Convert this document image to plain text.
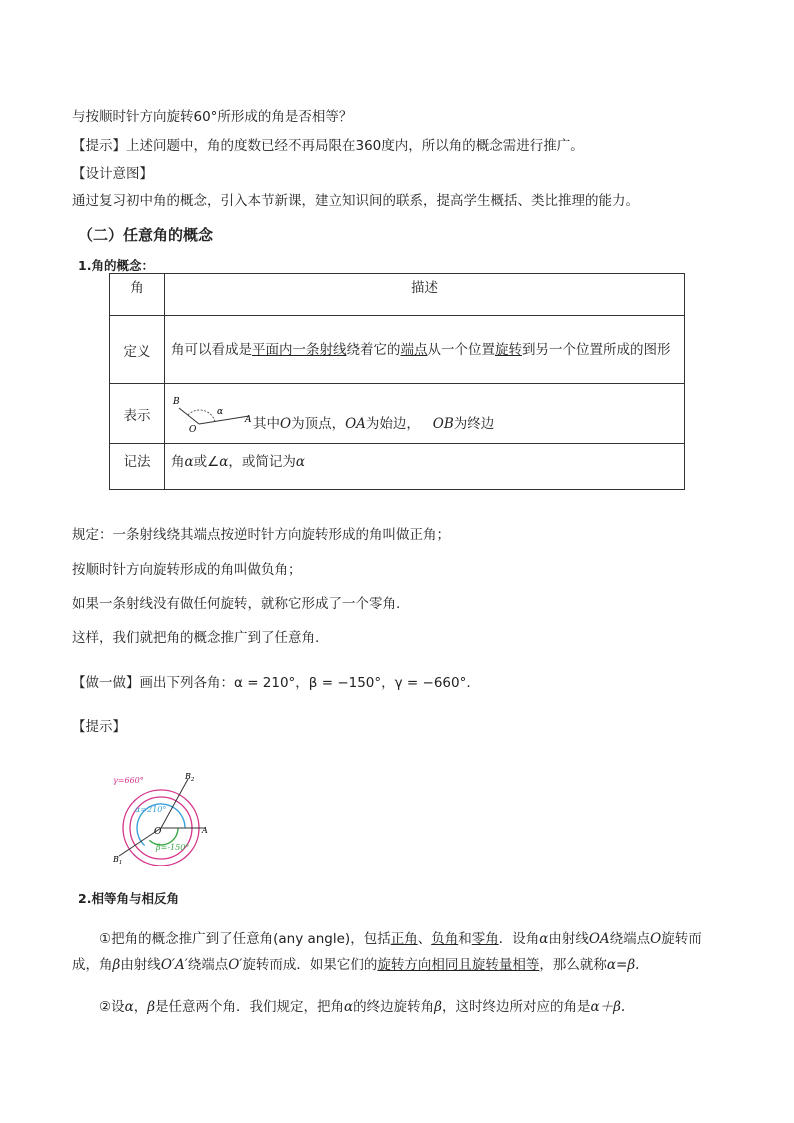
与按顺时针方向旋转60°所形成的角是否相等？
【提示】上述问题中，角的度数已经不再局限在360度内，所以角的概念需进行推广。
【设计意图】
通过复习初中角的概念，引入本节新课，建立知识间的联系，提高学生概括、类比推理的能力。
（二）任意角的概念
1.角的概念：
角	描述
定义	角可以看成是平面内一条射线绕着它的端点从一个位置旋转到另一个位置所成的图形
表示	B
O
α
A 其中O为顶点，OA为始边， OB为终边

记法	角α或∠α，或简记为α
规定：一条射线绕其端点按逆时针方向旋转形成的角叫做正角；
按顺时针方向旋转形成的角叫做负角；
如果一条射线没有做任何旋转，就称它形成了一个零角.
这样，我们就把角的概念推广到了任意角.
【做一做】画出下列各角：α = 210°，β = −150°，γ = −660°.
【提示】
γ=660°
α=210°
β=-150°
$B_2$
$B_1$
O	A
2.相等角与相反角
①把角的概念推广到了任意角(any angle)，包括正角、负角和零角．设角α由射线OA绕端点O旋转而成，角β由射线O′A′绕端点O′旋转而成．如果它们的旋转方向相同且旋转量相等，那么就称α=β.
②设α，β是任意两个角．我们规定，把角α的终边旋转角β，这时终边所对应的角是α＋β.
